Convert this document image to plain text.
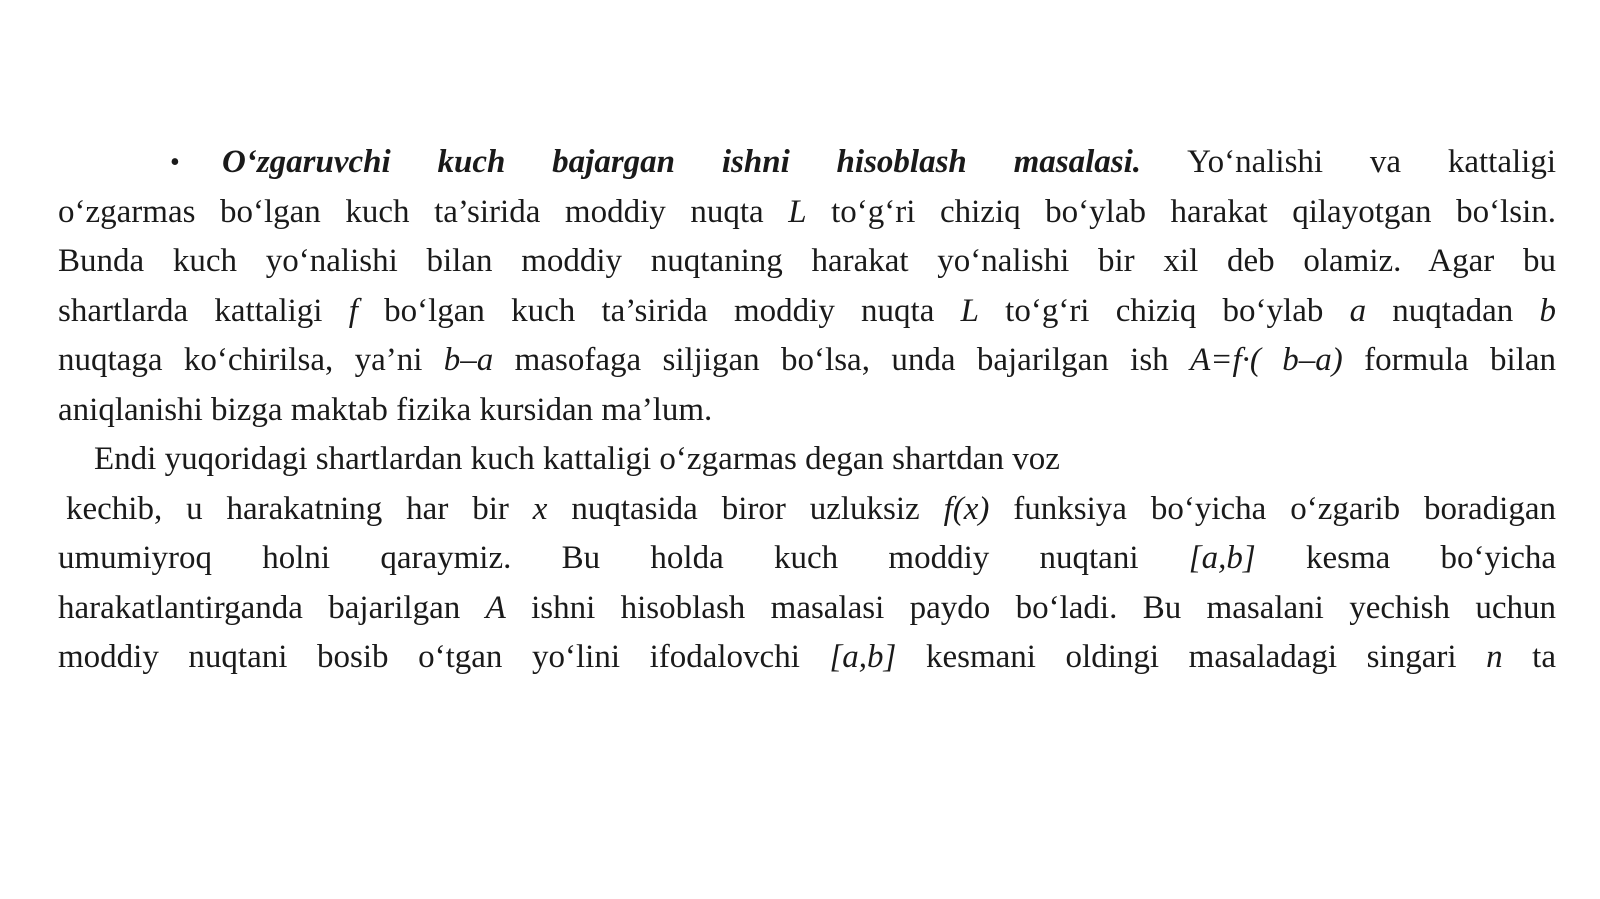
• O‘zgaruvchi kuch bajargan ishni hisoblash masalasi. Yo‘nalishi va kattaligi
o‘zgarmas bo‘lgan kuch ta’sirida moddiy nuqta L to‘g‘ri chiziq bo‘ylab harakat qilayotgan bo‘lsin.
Bunda kuch yo‘nalishi bilan moddiy nuqtaning harakat yo‘nalishi bir xil deb olamiz. Agar bu
shartlarda kattaligi f bo‘lgan kuch ta’sirida moddiy nuqta L to‘g‘ri chiziq bo‘ylab a nuqtadan b
nuqtaga ko‘chirilsa, ya’ni b–a masofaga siljigan bo‘lsa, unda bajarilgan ish A=f·( b–a) formula bilan
aniqlanishi bizga maktab fizika kursidan ma’lum.
Endi yuqoridagi shartlardan kuch kattaligi o‘zgarmas degan shartdan voz
kechib, u harakatning har bir x nuqtasida biror uzluksiz f(x) funksiya bo‘yicha o‘zgarib boradigan
umumiyroq holni qaraymiz. Bu holda kuch moddiy nuqtani [a,b] kesma bo‘yicha
harakatlantirganda bajarilgan A ishni hisoblash masalasi paydo bo‘ladi. Bu masalani yechish uchun
moddiy nuqtani bosib o‘tgan yo‘lini ifodalovchi [a,b] kesmani oldingi masaladagi singari n ta
